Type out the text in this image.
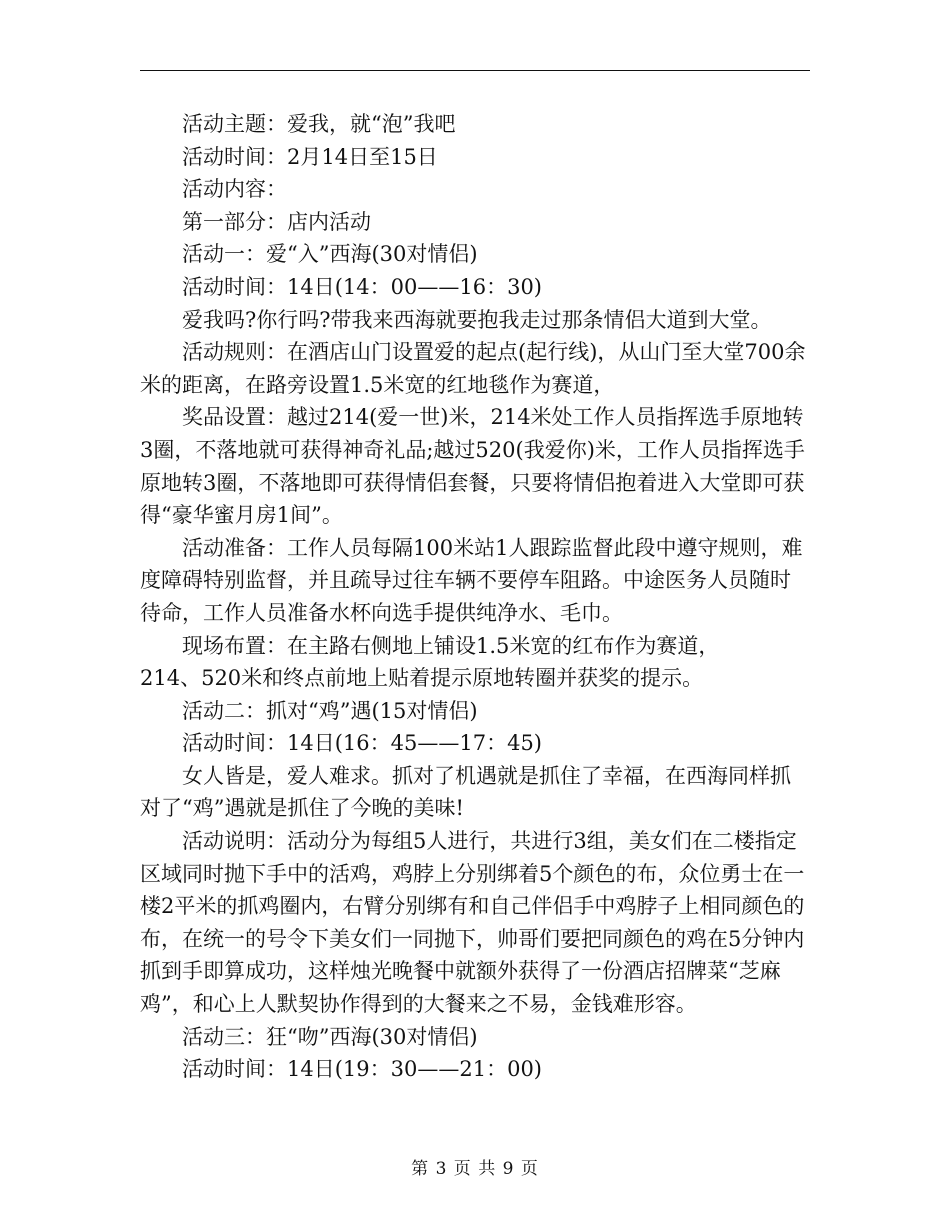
活动主题：爱我，就“泡”我吧

活动时间：2月14日至15日

活动内容：

第一部分：店内活动

活动一：爱“入”西海(30对情侣)

活动时间：14日(14：00——16：30)

爱我吗?你行吗?带我来西海就要抱我走过那条情侣大道到大堂。

活动规则：在酒店山门设置爱的起点(起行线)，从山门至大堂700余米的距离，在路旁设置1.5米宽的红地毯作为赛道，

奖品设置：越过214(爱一世)米，214米处工作人员指挥选手原地转3圈，不落地就可获得神奇礼品;越过520(我爱你)米，工作人员指挥选手原地转3圈，不落地即可获得情侣套餐，只要将情侣抱着进入大堂即可获得“豪华蜜月房1间”。

活动准备：工作人员每隔100米站1人跟踪监督此段中遵守规则，难度障碍特别监督，并且疏导过往车辆不要停车阻路。中途医务人员随时待命，工作人员准备水杯向选手提供纯净水、毛巾。

现场布置：在主路右侧地上铺设1.5米宽的红布作为赛道，

214、520米和终点前地上贴着提示原地转圈并获奖的提示。

活动二：抓对“鸡”遇(15对情侣)

活动时间：14日(16：45——17：45)

女人皆是，爱人难求。抓对了机遇就是抓住了幸福，在西海同样抓对了“鸡”遇就是抓住了今晚的美味!

活动说明：活动分为每组5人进行，共进行3组，美女们在二楼指定区域同时抛下手中的活鸡，鸡脖上分别绑着5个颜色的布，众位勇士在一楼2平米的抓鸡圈内，右臂分别绑有和自己伴侣手中鸡脖子上相同颜色的布，在统一的号令下美女们一同抛下，帅哥们要把同颜色的鸡在5分钟内抓到手即算成功，这样烛光晚餐中就额外获得了一份酒店招牌菜“芝麻鸡”，和心上人默契协作得到的大餐来之不易，金钱难形容。

活动三：狂“吻”西海(30对情侣)

活动时间：14日(19：30——21：00)

第 3 页 共 9 页
